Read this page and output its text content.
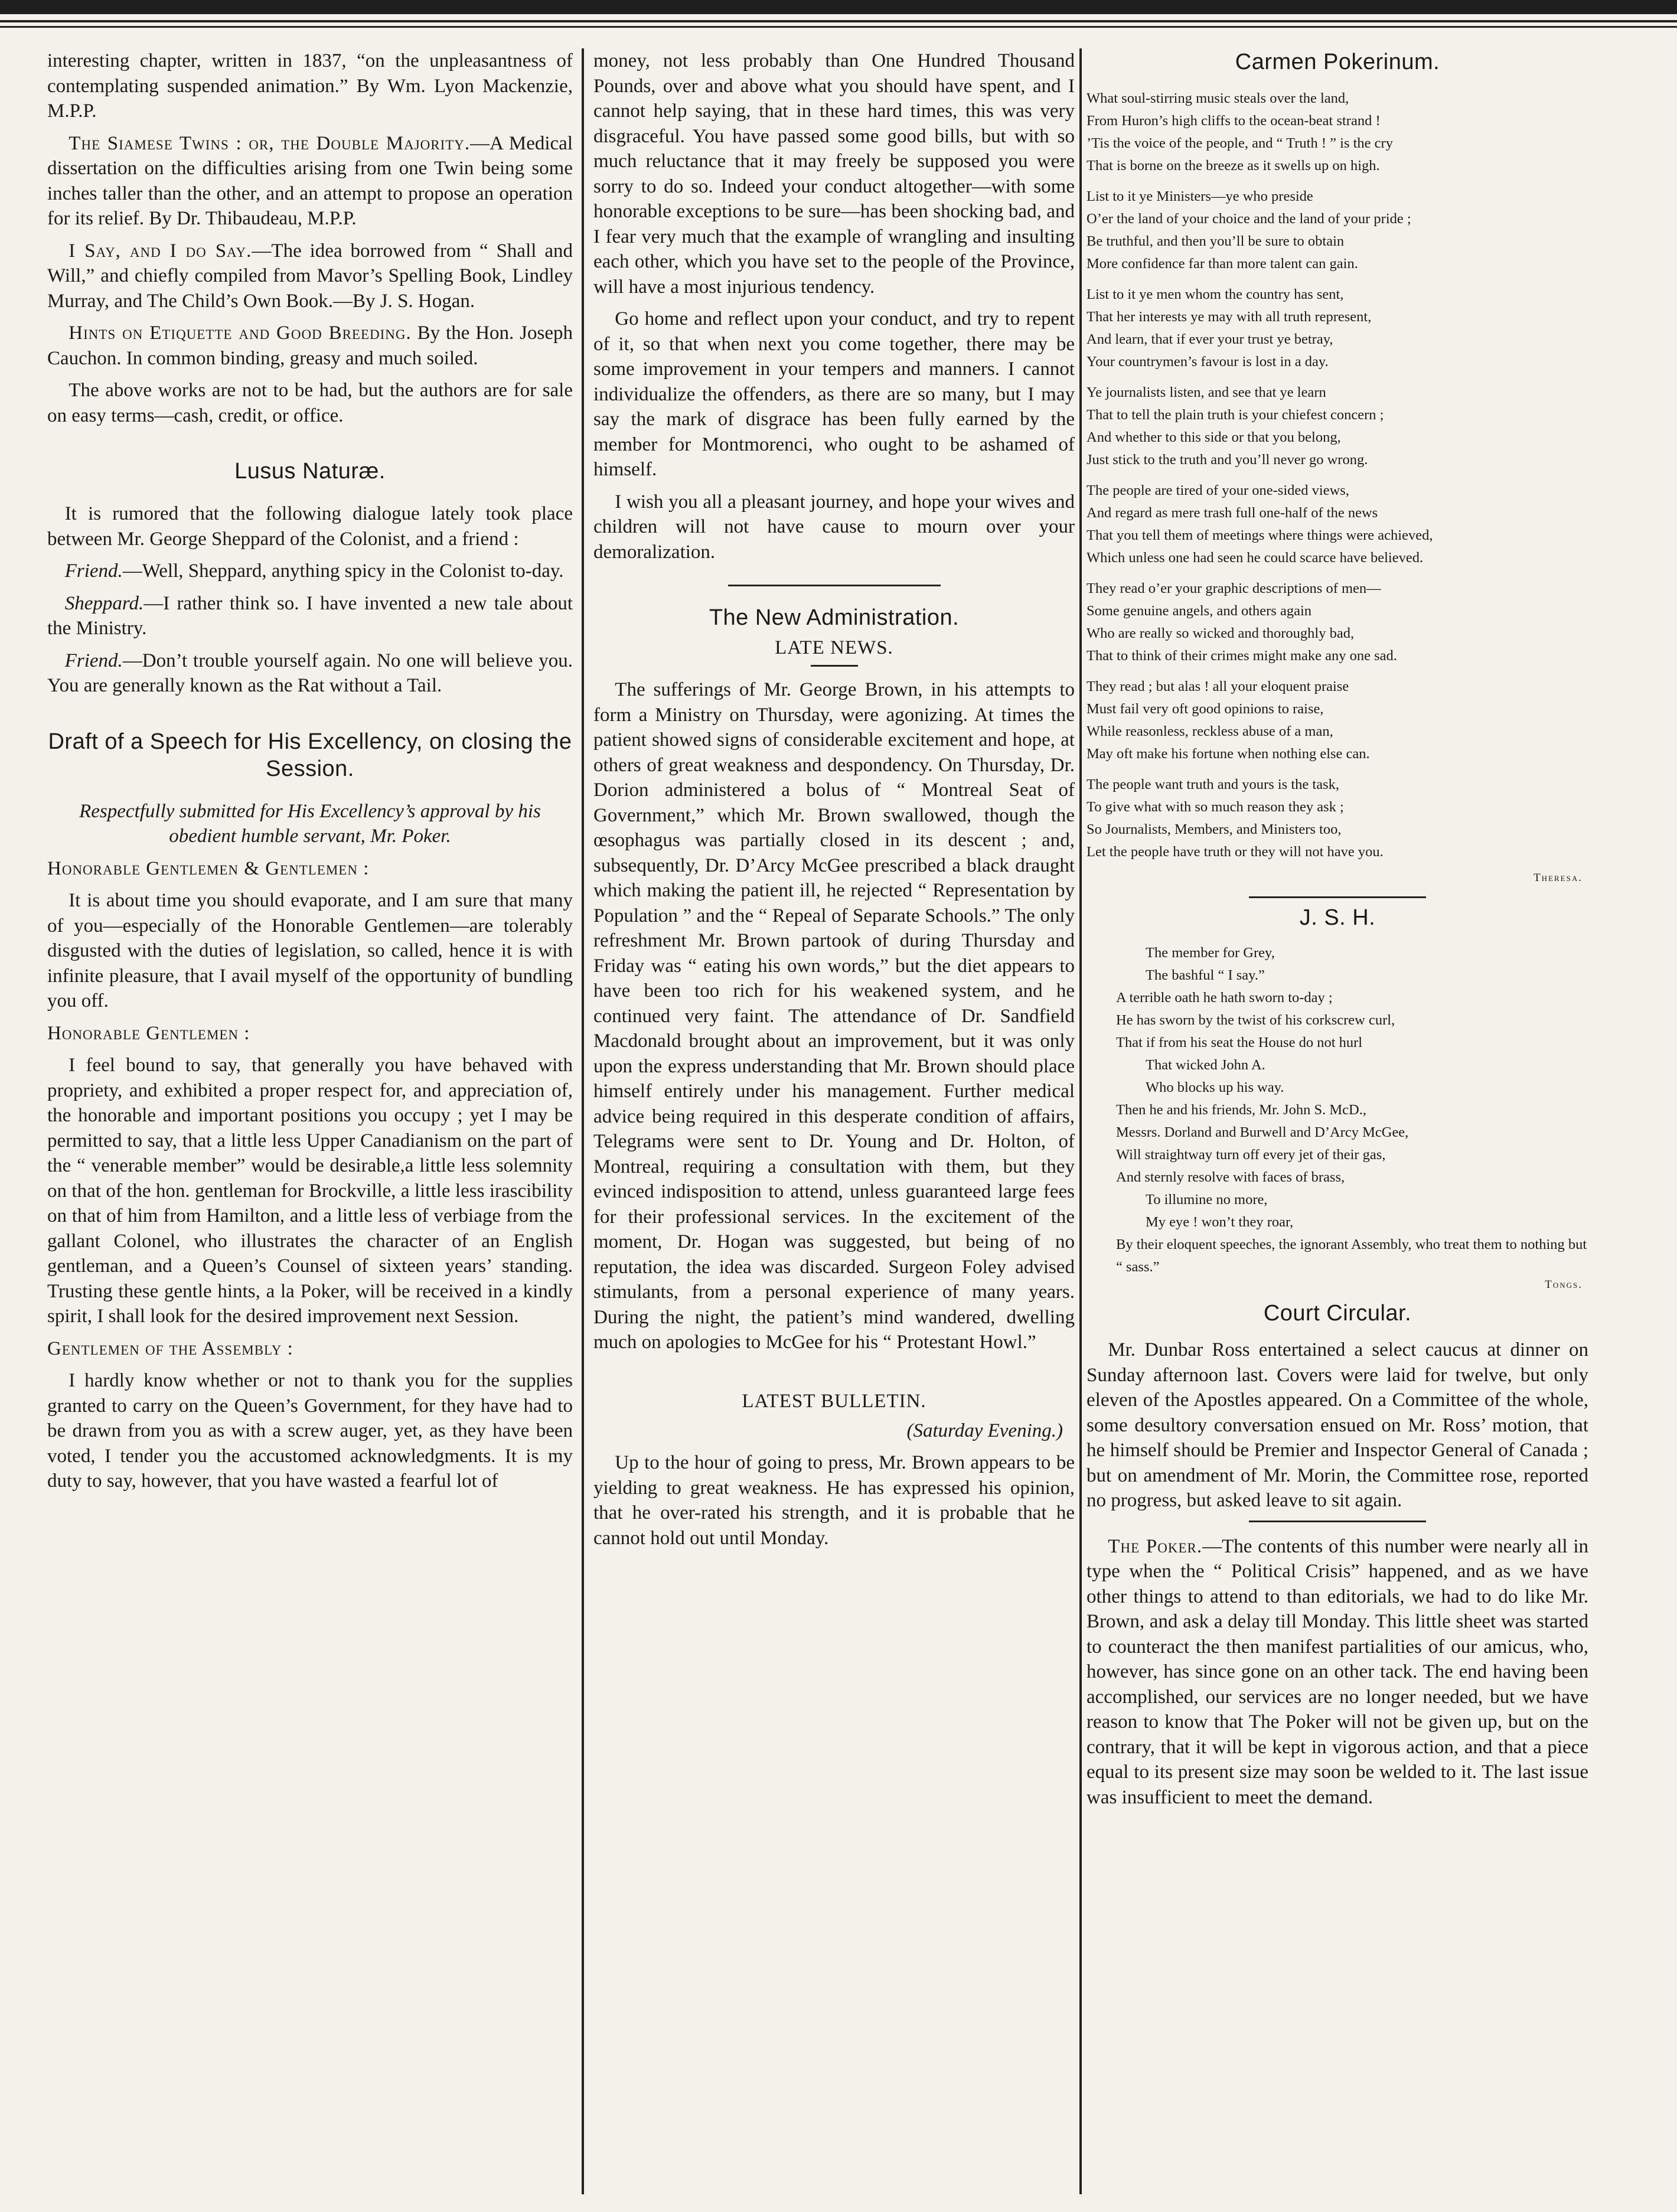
interesting chapter, written in 1837, “on the unpleasantness of contemplating suspended animation.” By Wm. Lyon Mackenzie, M.P.P.

The Siamese Twins : or, the Double Majority.—A Medical dissertation on the difficulties arising from one Twin being some inches taller than the other, and an attempt to propose an operation for its relief. By Dr. Thibaudeau, M.P.P.

I Say, and I do Say.—The idea borrowed from “ Shall and Will,” and chiefly compiled from Mavor’s Spelling Book, Lindley Murray, and The Child’s Own Book.—By J. S. Hogan.

Hints on Etiquette and Good Breeding. By the Hon. Joseph Cauchon. In common binding, greasy and much soiled.

The above works are not to be had, but the authors are for sale on easy terms—cash, credit, or office.

Lusus Naturæ.

It is rumored that the following dialogue lately took place between Mr. George Sheppard of the Colonist, and a friend :

Friend.—Well, Sheppard, anything spicy in the Colonist to-day.

Sheppard.—I rather think so. I have invented a new tale about the Ministry.

Friend.—Don’t trouble yourself again. No one will believe you. You are generally known as the Rat without a Tail.

Draft of a Speech for His Excellency, on closing the Session.

Respectfully submitted for His Excellency’s approval by his obedient humble servant, Mr. Poker.

Honorable Gentlemen & Gentlemen :

It is about time you should evaporate, and I am sure that many of you—especially of the Honorable Gentlemen—are tolerably disgusted with the duties of legislation, so called, hence it is with infinite pleasure, that I avail myself of the opportunity of bundling you off.

Honorable Gentlemen :

I feel bound to say, that generally you have behaved with propriety, and exhibited a proper respect for, and appreciation of, the honorable and important positions you occupy ; yet I may be permitted to say, that a little less Upper Canadianism on the part of the “ venerable member” would be desirable,a little less solemnity on that of the hon. gentleman for Brockville, a little less irascibility on that of him from Hamilton, and a little less of verbiage from the gallant Colonel, who illustrates the character of an English gentleman, and a Queen’s Counsel of sixteen years’ standing. Trusting these gentle hints, a la Poker, will be received in a kindly spirit, I shall look for the desired improvement next Session.

Gentlemen of the Assembly :

I hardly know whether or not to thank you for the supplies granted to carry on the Queen’s Government, for they have had to be drawn from you as with a screw auger, yet, as they have been voted, I tender you the accustomed acknowledgments. It is my duty to say, however, that you have wasted a fearful lot of

money, not less probably than One Hundred Thousand Pounds, over and above what you should have spent, and I cannot help saying, that in these hard times, this was very disgraceful. You have passed some good bills, but with so much reluctance that it may freely be supposed you were sorry to do so. Indeed your conduct altogether—with some honorable exceptions to be sure—has been shocking bad, and I fear very much that the example of wrangling and insulting each other, which you have set to the people of the Province, will have a most injurious tendency.

Go home and reflect upon your conduct, and try to repent of it, so that when next you come together, there may be some improvement in your tempers and manners. I cannot individualize the offenders, as there are so many, but I may say the mark of disgrace has been fully earned by the member for Montmorenci, who ought to be ashamed of himself.

I wish you all a pleasant journey, and hope your wives and children will not have cause to mourn over your demoralization.

The New Administration.
LATE NEWS.

The sufferings of Mr. George Brown, in his attempts to form a Ministry on Thursday, were agonizing. At times the patient showed signs of considerable excitement and hope, at others of great weakness and despondency. On Thursday, Dr. Dorion administered a bolus of “ Montreal Seat of Government,” which Mr. Brown swallowed, though the œsophagus was partially closed in its descent ; and, subsequently, Dr. D’Arcy McGee prescribed a black draught which making the patient ill, he rejected “ Representation by Population ” and the “ Repeal of Separate Schools.” The only refreshment Mr. Brown partook of during Thursday and Friday was “ eating his own words,” but the diet appears to have been too rich for his weakened system, and he continued very faint. The attendance of Dr. Sandfield Macdonald brought about an improvement, but it was only upon the express understanding that Mr. Brown should place himself entirely under his management. Further medical advice being required in this desperate condition of affairs, Telegrams were sent to Dr. Young and Dr. Holton, of Montreal, requiring a consultation with them, but they evinced indisposition to attend, unless guaranteed large fees for their professional services. In the excitement of the moment, Dr. Hogan was suggested, but being of no reputation, the idea was discarded. Surgeon Foley advised stimulants, from a personal experience of many years. During the night, the patient’s mind wandered, dwelling much on apologies to McGee for his “ Protestant Howl.”

LATEST BULLETIN.

(Saturday Evening.)

Up to the hour of going to press, Mr. Brown appears to be yielding to great weakness. He has expressed his opinion, that he over-rated his strength, and it is probable that he cannot hold out until Monday.

Carmen Pokerinum.
What soul-stirring music steals over the land,
From Huron’s high cliffs to the ocean-beat strand !
’Tis the voice of the people, and “ Truth ! ” is the cry
That is borne on the breeze as it swells up on high.
List to it ye Ministers—ye who preside
O’er the land of your choice and the land of your pride ;
Be truthful, and then you’ll be sure to obtain
More confidence far than more talent can gain.
List to it ye men whom the country has sent,
That her interests ye may with all truth represent,
And learn, that if ever your trust ye betray,
Your countrymen’s favour is lost in a day.
Ye journalists listen, and see that ye learn
That to tell the plain truth is your chiefest concern ;
And whether to this side or that you belong,
Just stick to the truth and you’ll never go wrong.
The people are tired of your one-sided views,
And regard as mere trash full one-half of the news
That you tell them of meetings where things were achieved,
Which unless one had seen he could scarce have believed.
They read o’er your graphic descriptions of men—
Some genuine angels, and others again
Who are really so wicked and thoroughly bad,
That to think of their crimes might make any one sad.
They read ; but alas ! all your eloquent praise
Must fail very oft good opinions to raise,
While reasonless, reckless abuse of a man,
May oft make his fortune when nothing else can.
The people want truth and yours is the task,
To give what with so much reason they ask ;
So Journalists, Members, and Ministers too,
Let the people have truth or they will not have you.
Theresa.
J. S. H.
The member for Grey,
The bashful “ I say.”
A terrible oath he hath sworn to-day ;
He has sworn by the twist of his corkscrew curl,
That if from his seat the House do not hurl
That wicked John A.
Who blocks up his way.
Then he and his friends, Mr. John S. McD.,
Messrs. Dorland and Burwell and D’Arcy McGee,
Will straightway turn off every jet of their gas,
And sternly resolve with faces of brass,
To illumine no more,
My eye ! won’t they roar,
By their eloquent speeches, the ignorant Assembly, who treat them to nothing but “ sass.”
Tongs.
Court Circular.

Mr. Dunbar Ross entertained a select caucus at dinner on Sunday afternoon last. Covers were laid for twelve, but only eleven of the Apostles appeared. On a Committee of the whole, some desultory conversation ensued on Mr. Ross’ motion, that he himself should be Premier and Inspector General of Canada ; but on amendment of Mr. Morin, the Committee rose, reported no progress, but asked leave to sit again.

The Poker.—The contents of this number were nearly all in type when the “ Political Crisis” happened, and as we have other things to attend to than editorials, we had to do like Mr. Brown, and ask a delay till Monday. This little sheet was started to counteract the then manifest partialities of our amicus, who, however, has since gone on an other tack. The end having been accomplished, our services are no longer needed, but we have reason to know that The Poker will not be given up, but on the contrary, that it will be kept in vigorous action, and that a piece equal to its present size may soon be welded to it. The last issue was insufficient to meet the demand.
